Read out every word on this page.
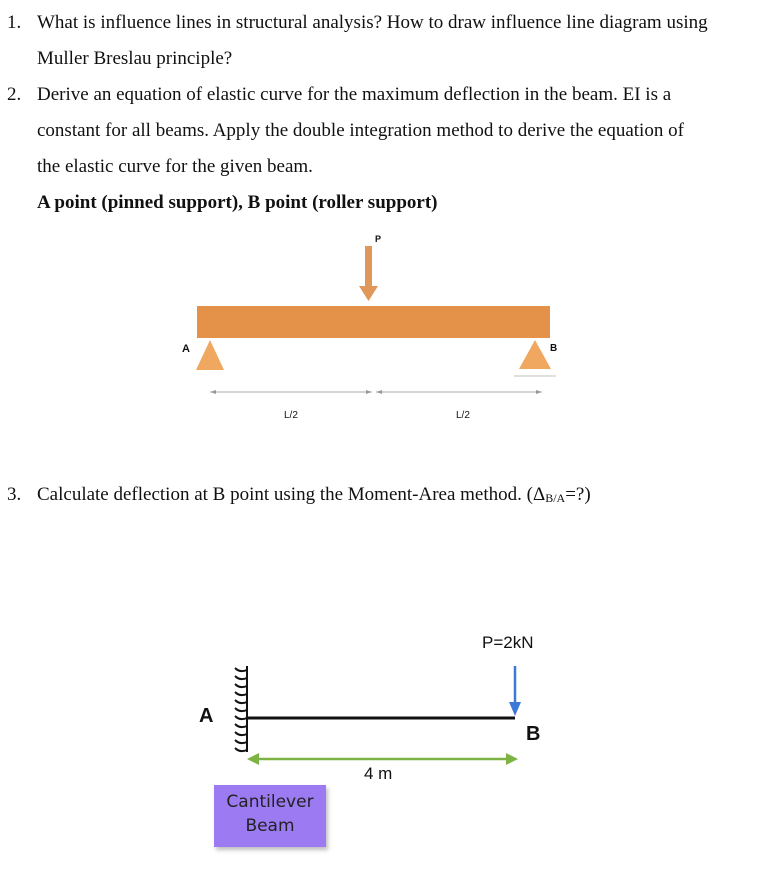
1. What is influence lines in structural analysis? How to draw influence line diagram using
Muller Breslau principle?
2. Derive an equation of elastic curve for the maximum deflection in the beam. EI is a
constant for all beams. Apply the double integration method to derive the equation of
the elastic curve for the given beam.
A point (pinned support), B point (roller support)
P
A	B
L/2	L/2
3. Calculate deflection at B point using the Moment-Area method. $(\Delta_{B/A}=?)$
P=2kN
A
B
4 m
Cantilever
Beam
